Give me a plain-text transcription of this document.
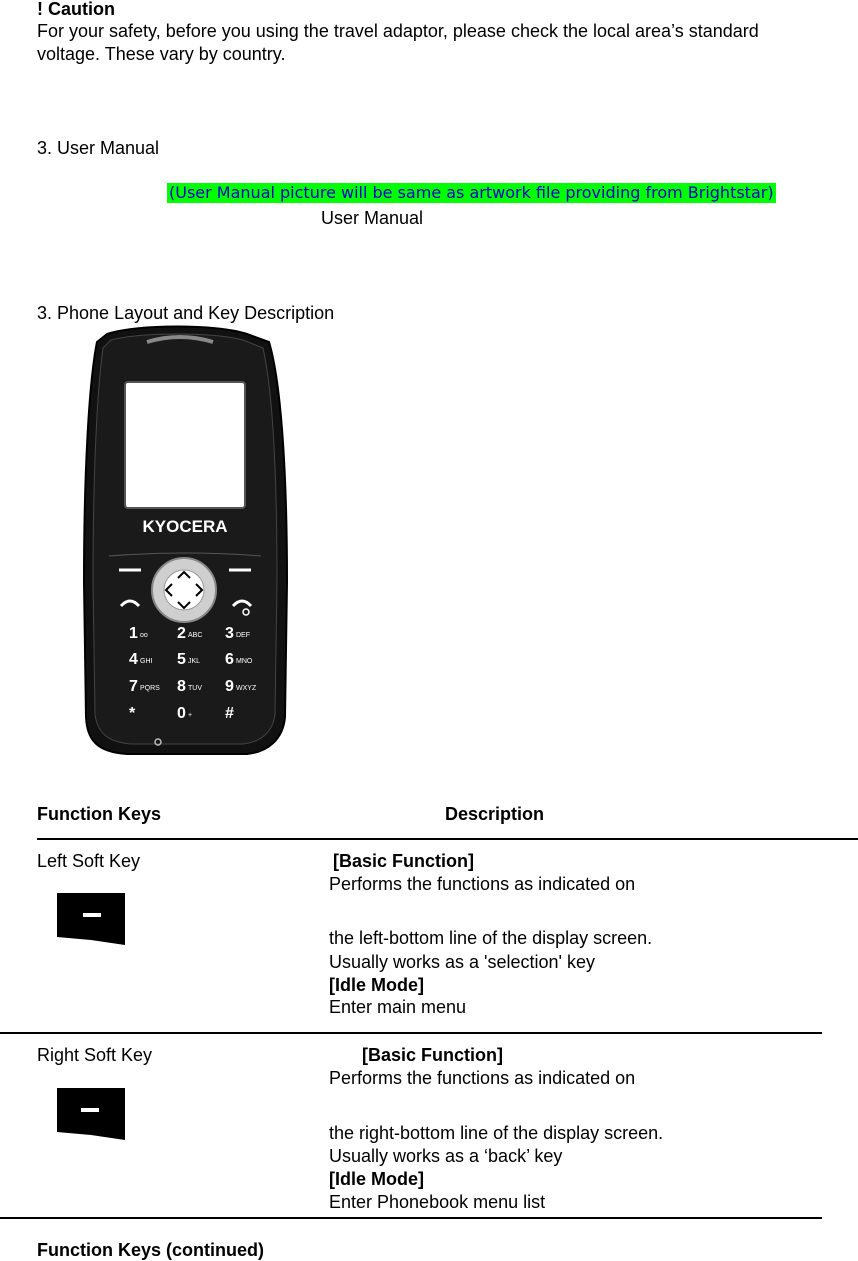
! Caution
For your safety, before you using the travel adaptor, please check the local area’s standard
voltage. These vary by country.
3. User Manual
(User Manual picture will be same as artwork file providing from Brightstar)
User Manual
3. Phone Layout and Key Description
KYOCERA
1 oo 2 ABC 3 DEF
4 GHI 5 JKL 6 MNO
7 PQRS 8 TUV 9 WXYZ
*	0 + #
Function Keys	Description
Left Soft Key	[Basic Function]
Performs the functions as indicated on
the left-bottom line of the display screen.
Usually works as a 'selection' key
[Idle Mode]
Enter main menu
Right Soft Key	[Basic Function]
Performs the functions as indicated on
the right-bottom line of the display screen.
Usually works as a ‘back’ key
[Idle Mode]
Enter Phonebook menu list
Function Keys (continued)
